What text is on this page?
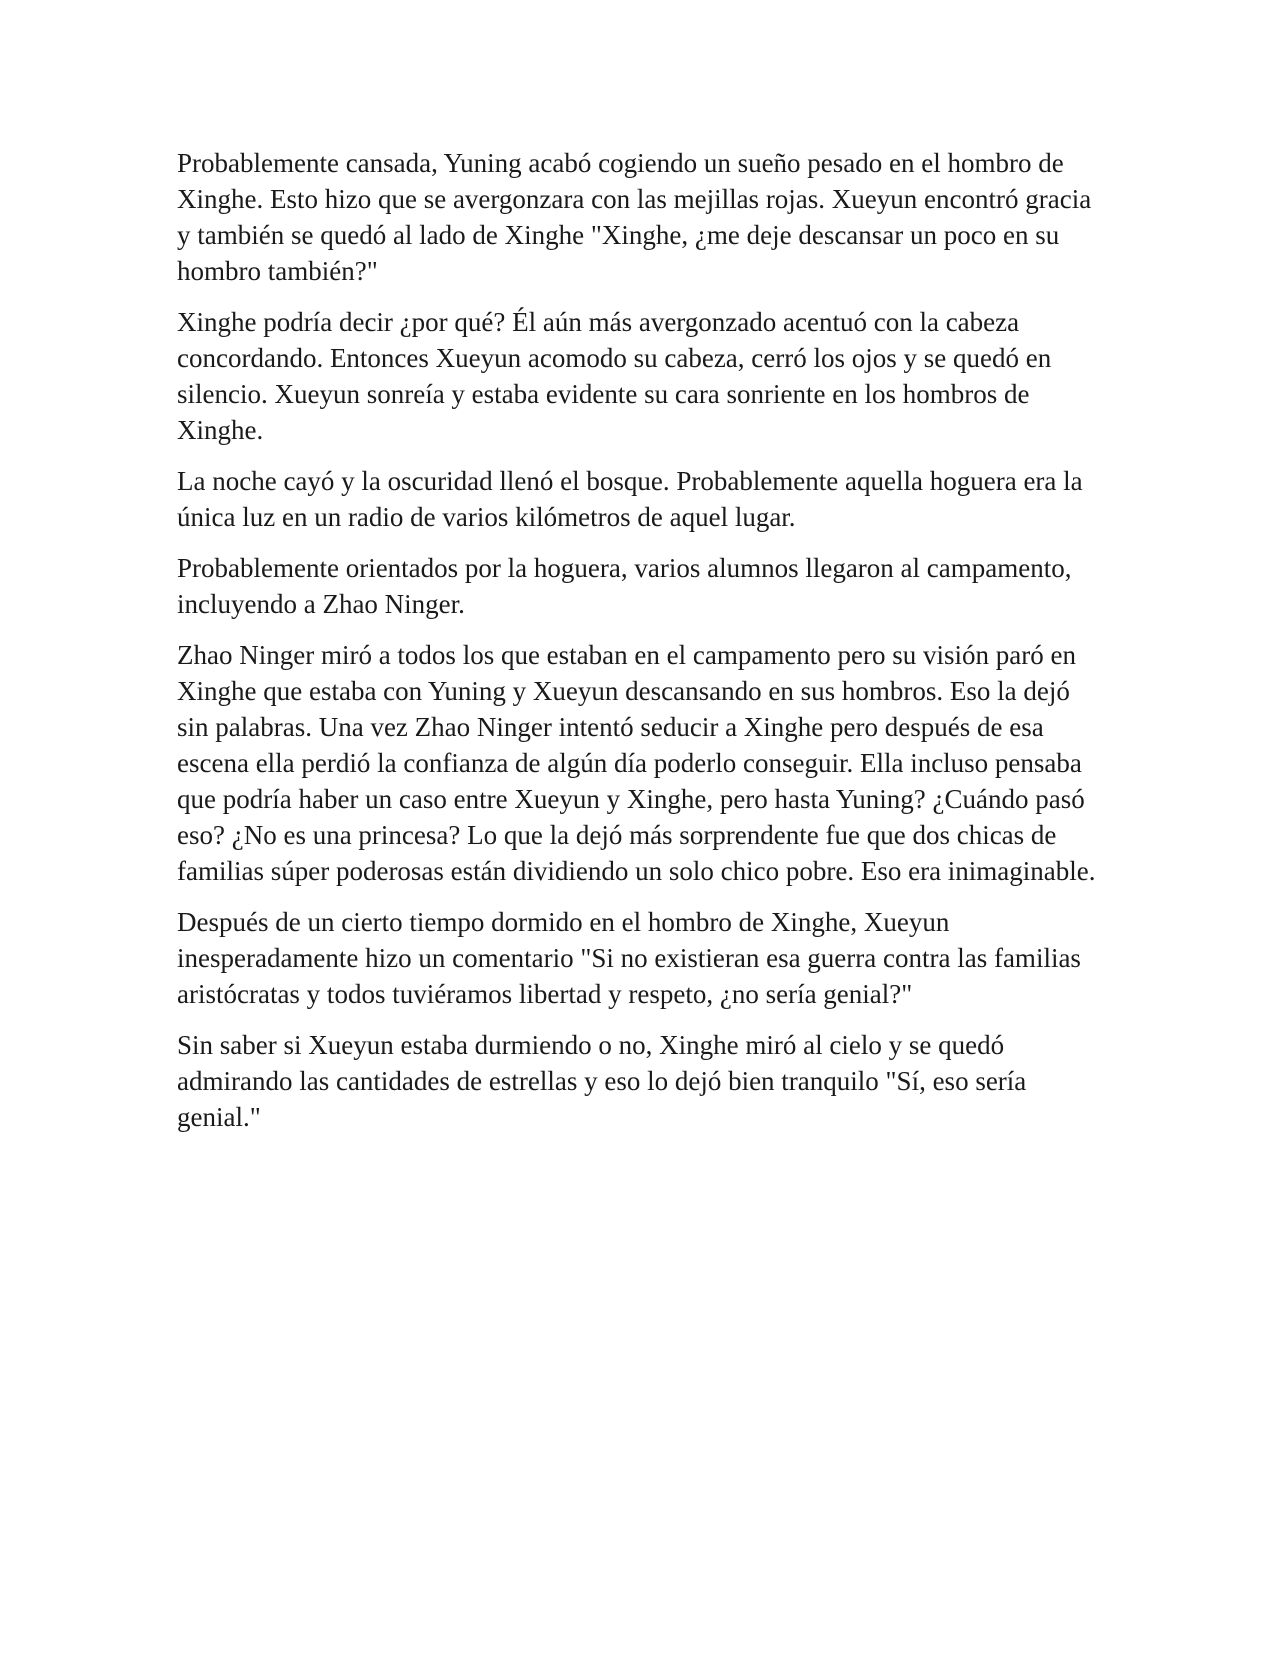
Probablemente cansada, Yuning acabó cogiendo un sueño pesado en el hombro de Xinghe. Esto hizo que se avergonzara con las mejillas rojas. Xueyun encontró gracia y también se quedó al lado de Xinghe "Xinghe, ¿me deje descansar un poco en su hombro también?"

Xinghe podría decir ¿por qué? Él aún más avergonzado acentuó con la cabeza concordando. Entonces Xueyun acomodo su cabeza, cerró los ojos y se quedó en silencio. Xueyun sonreía y estaba evidente su cara sonriente en los hombros de Xinghe.

La noche cayó y la oscuridad llenó el bosque. Probablemente aquella hoguera era la única luz en un radio de varios kilómetros de aquel lugar.

Probablemente orientados por la hoguera, varios alumnos llegaron al campamento, incluyendo a Zhao Ninger.

Zhao Ninger miró a todos los que estaban en el campamento pero su visión paró en Xinghe que estaba con Yuning y Xueyun descansando en sus hombros. Eso la dejó sin palabras. Una vez Zhao Ninger intentó seducir a Xinghe pero después de esa escena ella perdió la confianza de algún día poderlo conseguir. Ella incluso pensaba que podría haber un caso entre Xueyun y Xinghe, pero hasta Yuning? ¿Cuándo pasó eso? ¿No es una princesa? Lo que la dejó más sorprendente fue que dos chicas de familias súper poderosas están dividiendo un solo chico pobre. Eso era inimaginable.

Después de un cierto tiempo dormido en el hombro de Xinghe, Xueyun inesperadamente hizo un comentario "Si no existieran esa guerra contra las familias aristócratas y todos tuviéramos libertad y respeto, ¿no sería genial?"

Sin saber si Xueyun estaba durmiendo o no, Xinghe miró al cielo y se quedó admirando las cantidades de estrellas y eso lo dejó bien tranquilo "Sí, eso sería genial."
